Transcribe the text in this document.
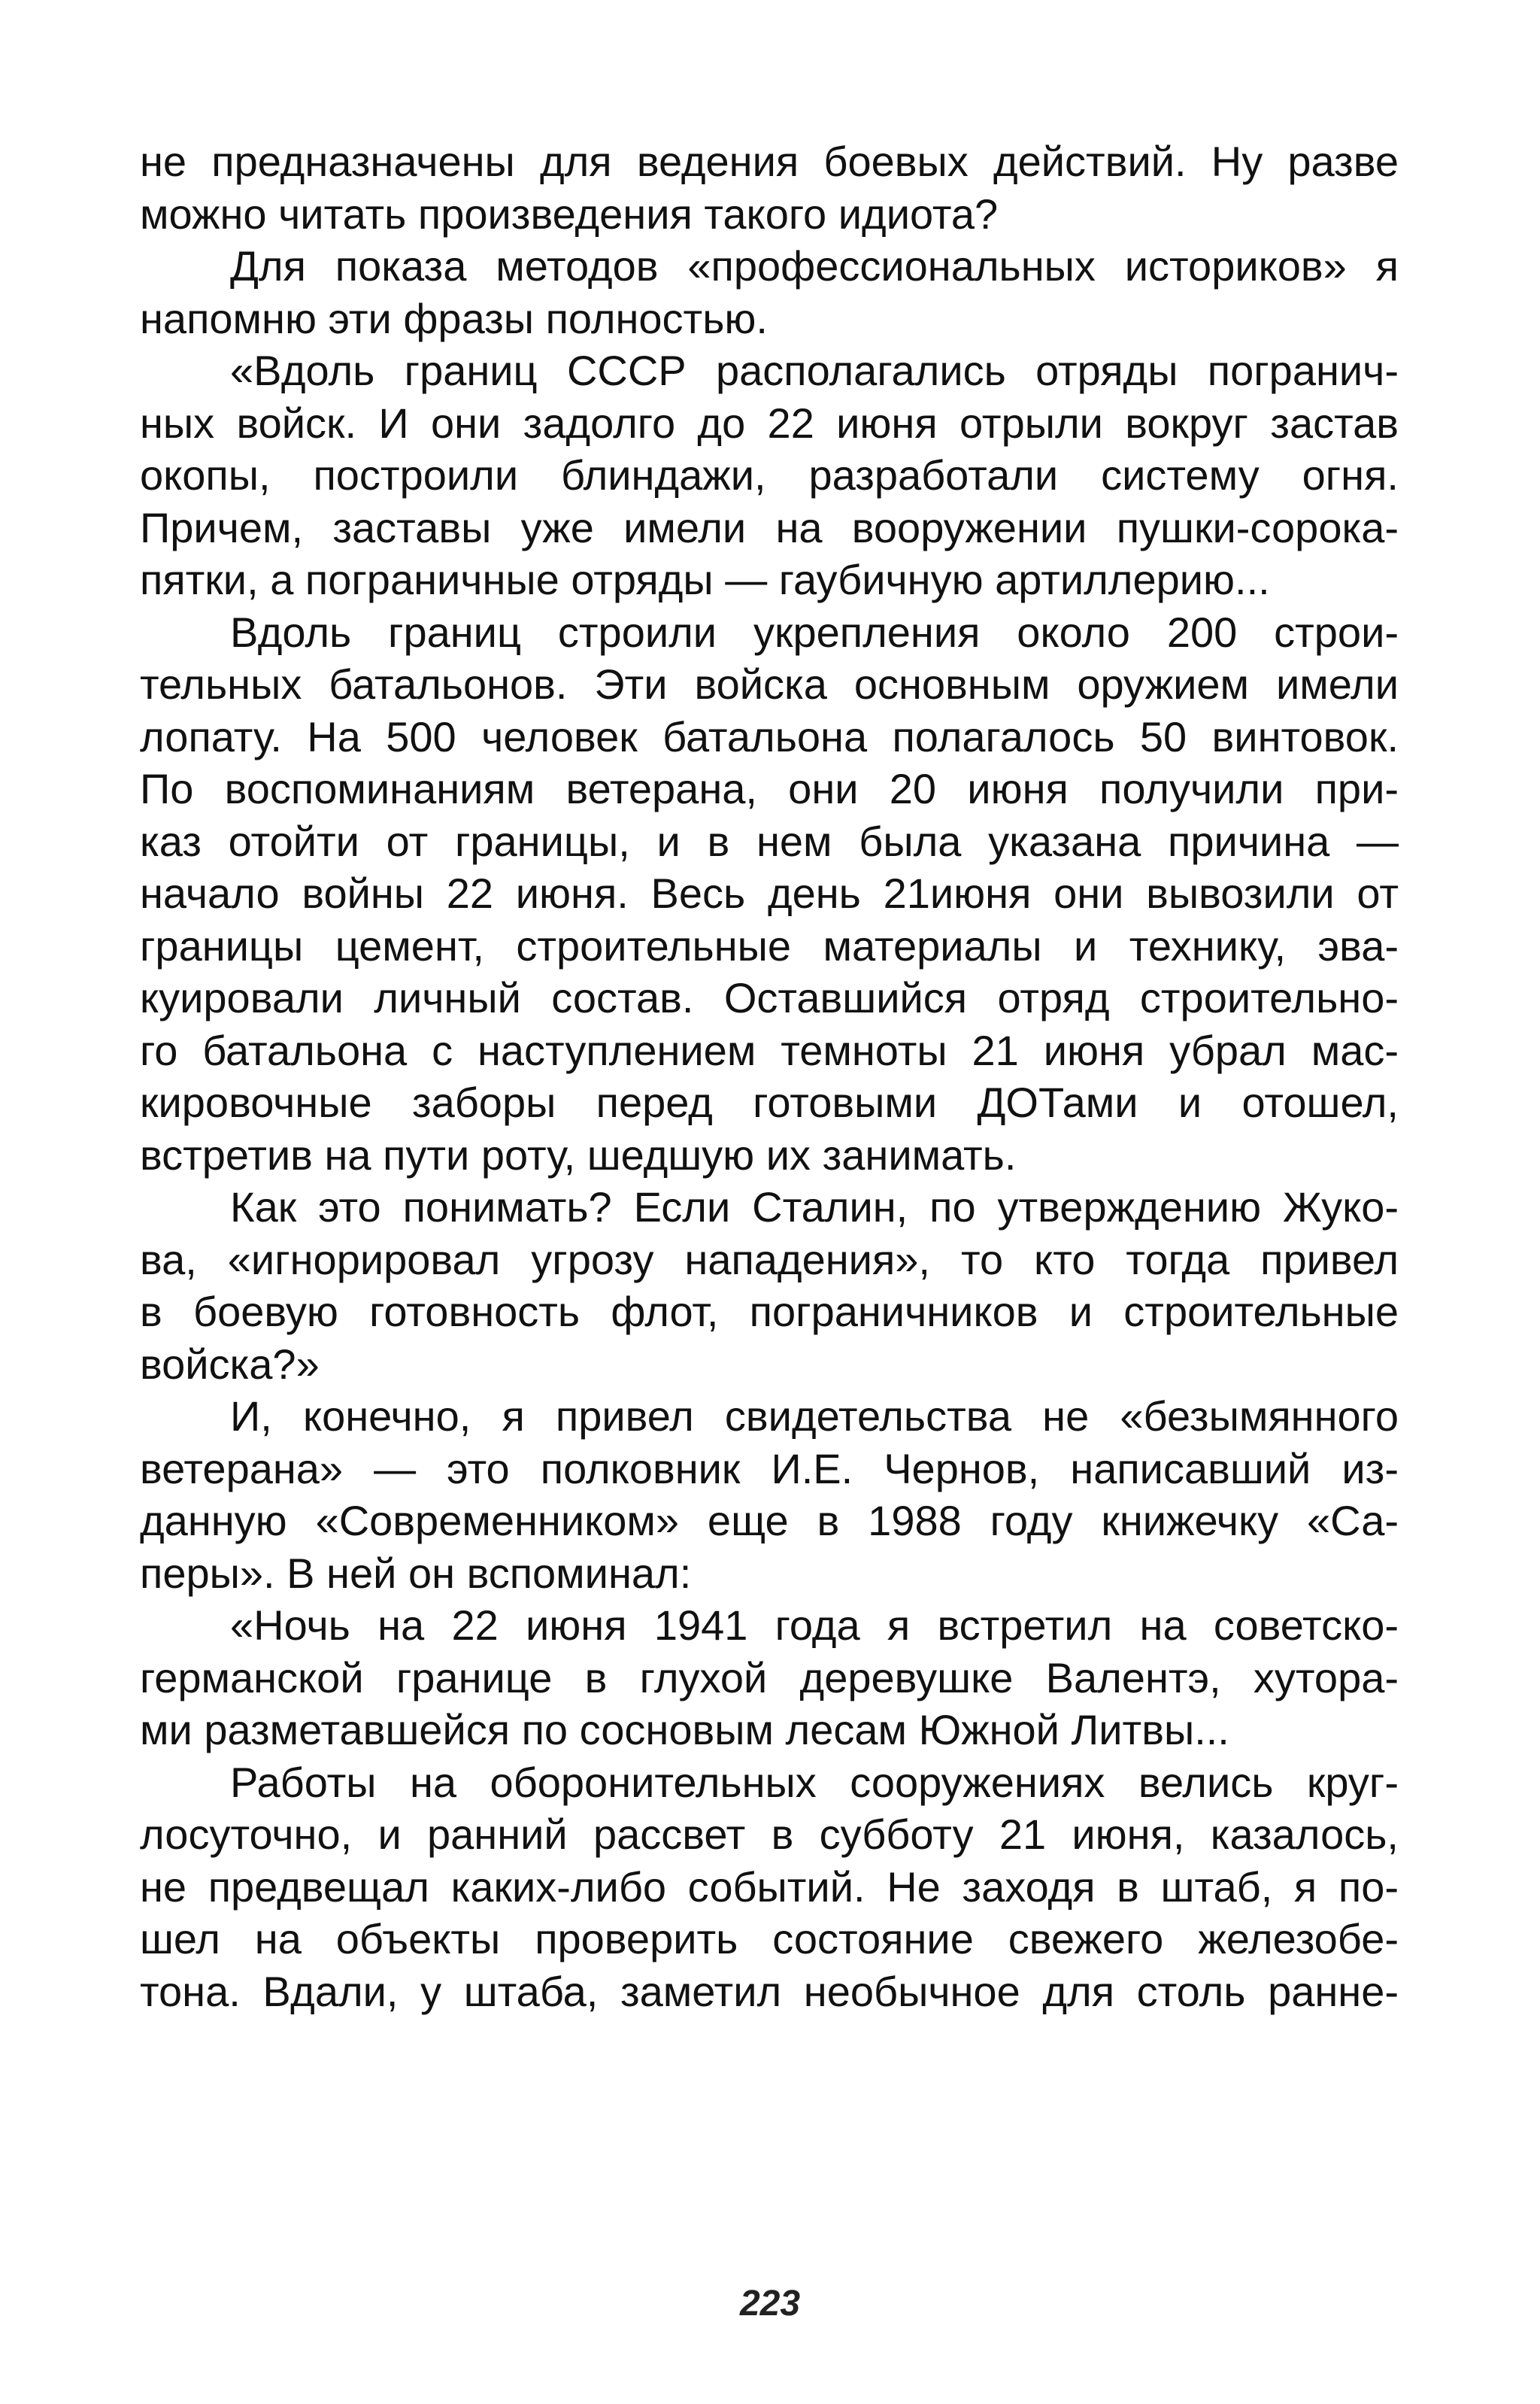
не предназначены для ведения боевых действий. Ну разве
можно читать произведения такого идиота?
Для показа методов «профессиональных историков» я
напомню эти фразы полностью.
«Вдоль границ СССР располагались отряды погранич-
ных войск. И они задолго до 22 июня отрыли вокруг застав
окопы, построили блиндажи, разработали систему огня.
Причем, заставы уже имели на вооружении пушки-сорока-
пятки, а пограничные отряды — гаубичную артиллерию...
Вдоль границ строили укрепления около 200 строи-
тельных батальонов. Эти войска основным оружием имели
лопату. На 500 человек батальона полагалось 50 винтовок.
По воспоминаниям ветерана, они 20 июня получили при-
каз отойти от границы, и в нем была указана причина —
начало войны 22 июня. Весь день 21июня они вывозили от
границы цемент, строительные материалы и технику, эва-
куировали личный состав. Оставшийся отряд строительно-
го батальона с наступлением темноты 21 июня убрал мас-
кировочные заборы перед готовыми ДОТами и отошел,
встретив на пути роту, шедшую их занимать.
Как это понимать? Если Сталин, по утверждению Жуко-
ва, «игнорировал угрозу нападения», то кто тогда привел
в боевую готовность флот, пограничников и строительные
войска?»
И, конечно, я привел свидетельства не «безымянного
ветерана» — это полковник И.Е. Чернов, написавший из-
данную «Современником» еще в 1988 году книжечку «Са-
перы». В ней он вспоминал:
«Ночь на 22 июня 1941 года я встретил на советско-
германской границе в глухой деревушке Валентэ, хутора-
ми разметавшейся по сосновым лесам Южной Литвы...
Работы на оборонительных сооружениях велись круг-
лосуточно, и ранний рассвет в субботу 21 июня, казалось,
не предвещал каких-либо событий. Не заходя в штаб, я по-
шел на объекты проверить состояние свежего железобе-
тона. Вдали, у штаба, заметил необычное для столь ранне-
223
